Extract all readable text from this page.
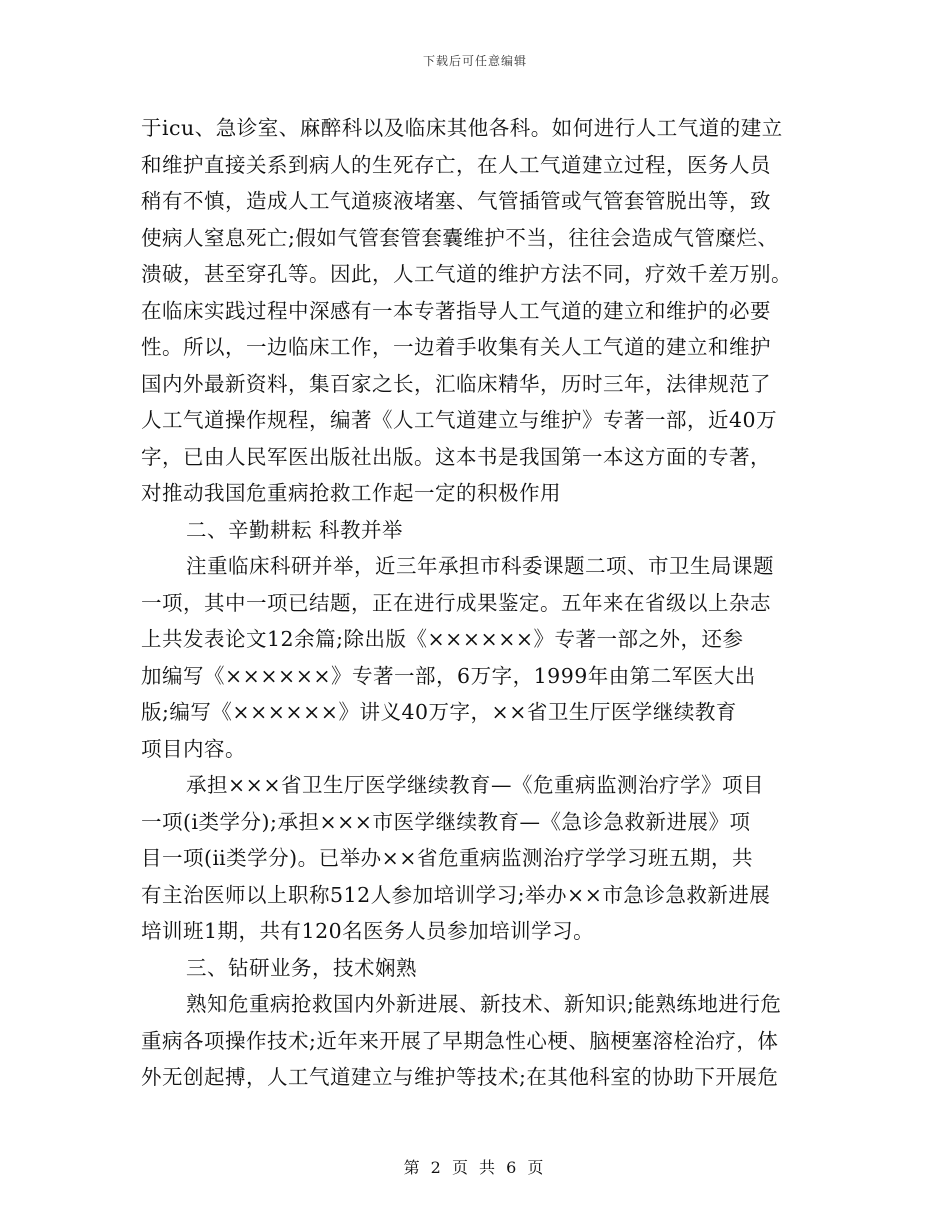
下载后可任意编辑
于icu、急诊室、麻醉科以及临床其他各科。如何进行人工气道的建立
和维护直接关系到病人的生死存亡，在人工气道建立过程，医务人员
稍有不慎，造成人工气道痰液堵塞、气管插管或气管套管脱出等，致
使病人窒息死亡;假如气管套管套囊维护不当，往往会造成气管糜烂、
溃破，甚至穿孔等。因此，人工气道的维护方法不同，疗效千差万别。
在临床实践过程中深感有一本专著指导人工气道的建立和维护的必要
性。所以，一边临床工作，一边着手收集有关人工气道的建立和维护
国内外最新资料，集百家之长，汇临床精华，历时三年，法律规范了
人工气道操作规程，编著《人工气道建立与维护》专著一部，近40万
字，已由人民军医出版社出版。这本书是我国第一本这方面的专著，
对推动我国危重病抢救工作起一定的积极作用
二、辛勤耕耘 科教并举
注重临床科研并举，近三年承担市科委课题二项、市卫生局课题
一项，其中一项已结题，正在进行成果鉴定。五年来在省级以上杂志
上共发表论文12余篇;除出版《××××××》专著一部之外，还参
加编写《××××××》专著一部，6万字，1999年由第二军医大出
版;编写《××××××》讲义40万字，××省卫生厅医学继续教育
项目内容。
承担×××省卫生厅医学继续教育—《危重病监测治疗学》项目
一项(ⅰ类学分);承担×××市医学继续教育—《急诊急救新进展》项
目一项(ⅱ类学分)。已举办××省危重病监测治疗学学习班五期，共
有主治医师以上职称512人参加培训学习;举办××市急诊急救新进展
培训班1期，共有120名医务人员参加培训学习。
三、钻研业务，技术娴熟
熟知危重病抢救国内外新进展、新技术、新知识;能熟练地进行危
重病各项操作技术;近年来开展了早期急性心梗、脑梗塞溶栓治疗，体
外无创起搏，人工气道建立与维护等技术;在其他科室的协助下开展危
第 2 页 共 6 页
